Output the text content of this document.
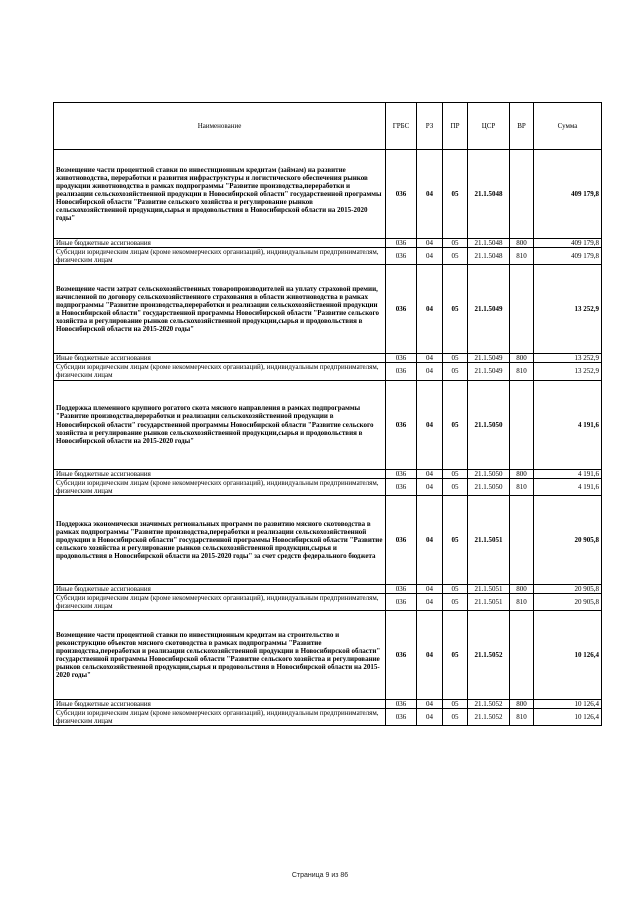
Наименование	ГРБС	РЗ	ПР	ЦСР	ВР	Сумма
Возмещение части процентной ставки по инвестиционным кредитам (займам) на развитие животноводства, переработки и развития инфраструктуры и логистического обеспечения рынков продукции животноводства в рамках подпрограммы "Развитие производства,переработки и реализации сельскохозяйственной продукции в Новосибирской области" государственной программы Новосибирской области "Развитие сельского хозяйства и регулирование рынков сельскохозяйственной продукции,сырья и продовольствия в Новосибирской области на 2015-2020 годы"	036	04	05	21.1.5048		409 179,8
Иные бюджетные ассигнования	036	04	05	21.1.5048	800	409 179,8
Субсидии юридическим лицам (кроме некоммерческих организаций), индивидуальным предпринимателям, физическим лицам	036	04	05	21.1.5048	810	409 179,8
Возмещение части затрат сельскохозяйственных товаропроизводителей на уплату страховой премии, начисленной по договору сельскохозяйственного страхования в области животноводства в рамках подпрограммы "Развитие производства,переработки и реализации сельскохозяйственной продукции в Новосибирской области" государственной программы Новосибирской области "Развитие сельского хозяйства и регулирование рынков сельскохозяйственной продукции,сырья и продовольствия в Новосибирской области на 2015-2020 годы"	036	04	05	21.1.5049		13 252,9
Иные бюджетные ассигнования	036	04	05	21.1.5049	800	13 252,9
Субсидии юридическим лицам (кроме некоммерческих организаций), индивидуальным предпринимателям, физическим лицам	036	04	05	21.1.5049	810	13 252,9
Поддержка племенного крупного рогатого скота мясного направления в рамках подпрограммы "Развитие производства,переработки и реализации сельскохозяйственной продукции в Новосибирской области" государственной программы Новосибирской области "Развитие сельского хозяйства и регулирование рынков сельскохозяйственной продукции,сырья и продовольствия в Новосибирской области на 2015-2020 годы"	036	04	05	21.1.5050		4 191,6
Иные бюджетные ассигнования	036	04	05	21.1.5050	800	4 191,6
Субсидии юридическим лицам (кроме некоммерческих организаций), индивидуальным предпринимателям, физическим лицам	036	04	05	21.1.5050	810	4 191,6
Поддержка экономически значимых региональных программ по развитию мясного скотоводства в рамках подпрограммы "Развитие производства,переработки и реализации сельскохозяйственной продукции в Новосибирской области" государственной программы Новосибирской области "Развитие сельского хозяйства и регулирование рынков сельскохозяйственной продукции,сырья и продовольствия в Новосибирской области на 2015-2020 годы" за счет средств федерального бюджета	036	04	05	21.1.5051		20 905,8
Иные бюджетные ассигнования	036	04	05	21.1.5051	800	20 905,8
Субсидии юридическим лицам (кроме некоммерческих организаций), индивидуальным предпринимателям, физическим лицам	036	04	05	21.1.5051	810	20 905,8
Возмещение части процентной ставки по инвестиционным кредитам на строительство и реконструкцию объектов мясного скотоводства в рамках подпрограммы "Развитие производства,переработки и реализации сельскохозяйственной продукции в Новосибирской области" государственной программы Новосибирской области "Развитие сельского хозяйства и регулирование рынков сельскохозяйственной продукции,сырья и продовольствия в Новосибирской области на 2015-2020 годы"	036	04	05	21.1.5052		10 126,4
Иные бюджетные ассигнования	036	04	05	21.1.5052	800	10 126,4
Субсидии юридическим лицам (кроме некоммерческих организаций), индивидуальным предпринимателям, физическим лицам	036	04	05	21.1.5052	810	10 126,4
Страница 9 из 86
